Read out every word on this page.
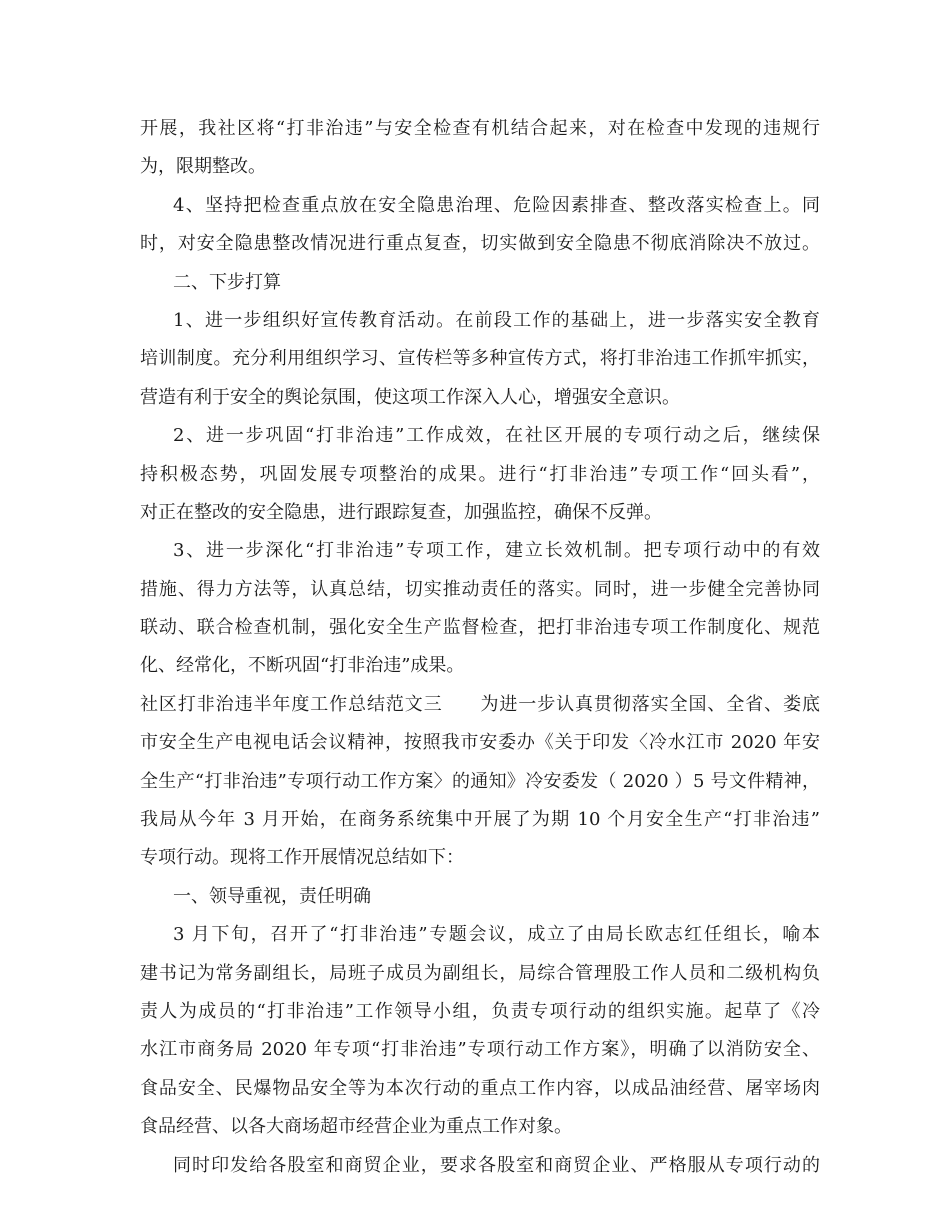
开展，我社区将“打非治违”与安全检查有机结合起来，对在检查中发现的违规行
为，限期整改。
4、坚持把检查重点放在安全隐患治理、危险因素排查、整改落实检查上。同
时，对安全隐患整改情况进行重点复查，切实做到安全隐患不彻底消除决不放过。
二、下步打算
1、进一步组织好宣传教育活动。在前段工作的基础上，进一步落实安全教育
培训制度。充分利用组织学习、宣传栏等多种宣传方式，将打非治违工作抓牢抓实，
营造有利于安全的舆论氛围，使这项工作深入人心，增强安全意识。
2、进一步巩固“打非治违”工作成效，在社区开展的专项行动之后，继续保
持积极态势，巩固发展专项整治的成果。进行“打非治违”专项工作“回头看”，
对正在整改的安全隐患，进行跟踪复查，加强监控，确保不反弹。
3、进一步深化“打非治违”专项工作，建立长效机制。把专项行动中的有效
措施、得力方法等，认真总结，切实推动责任的落实。同时，进一步健全完善协同
联动、联合检查机制，强化安全生产监督检查，把打非治违专项工作制度化、规范
化、经常化，不断巩固“打非治违”成果。
社区打非治违半年度工作总结范文三　　为进一步认真贯彻落实全国、全省、娄底
市安全生产电视电话会议精神，按照我市安委办《关于印发〈冷水江市 2020 年安
全生产“打非治违”专项行动工作方案〉的通知》冷安委发（ 2020 ）5 号文件精神，
我局从今年 3 月开始，在商务系统集中开展了为期 10 个月安全生产“打非治违”
专项行动。现将工作开展情况总结如下：
一、领导重视，责任明确
3 月下旬，召开了“打非治违”专题会议，成立了由局长欧志红任组长，喻本
建书记为常务副组长，局班子成员为副组长，局综合管理股工作人员和二级机构负
责人为成员的“打非治违”工作领导小组，负责专项行动的组织实施。起草了《冷
水江市商务局 2020 年专项“打非治违”专项行动工作方案》，明确了以消防安全、
食品安全、民爆物品安全等为本次行动的重点工作内容，以成品油经营、屠宰场肉
食品经营、以各大商场超市经营企业为重点工作对象。
同时印发给各股室和商贸企业，要求各股室和商贸企业、严格服从专项行动的
